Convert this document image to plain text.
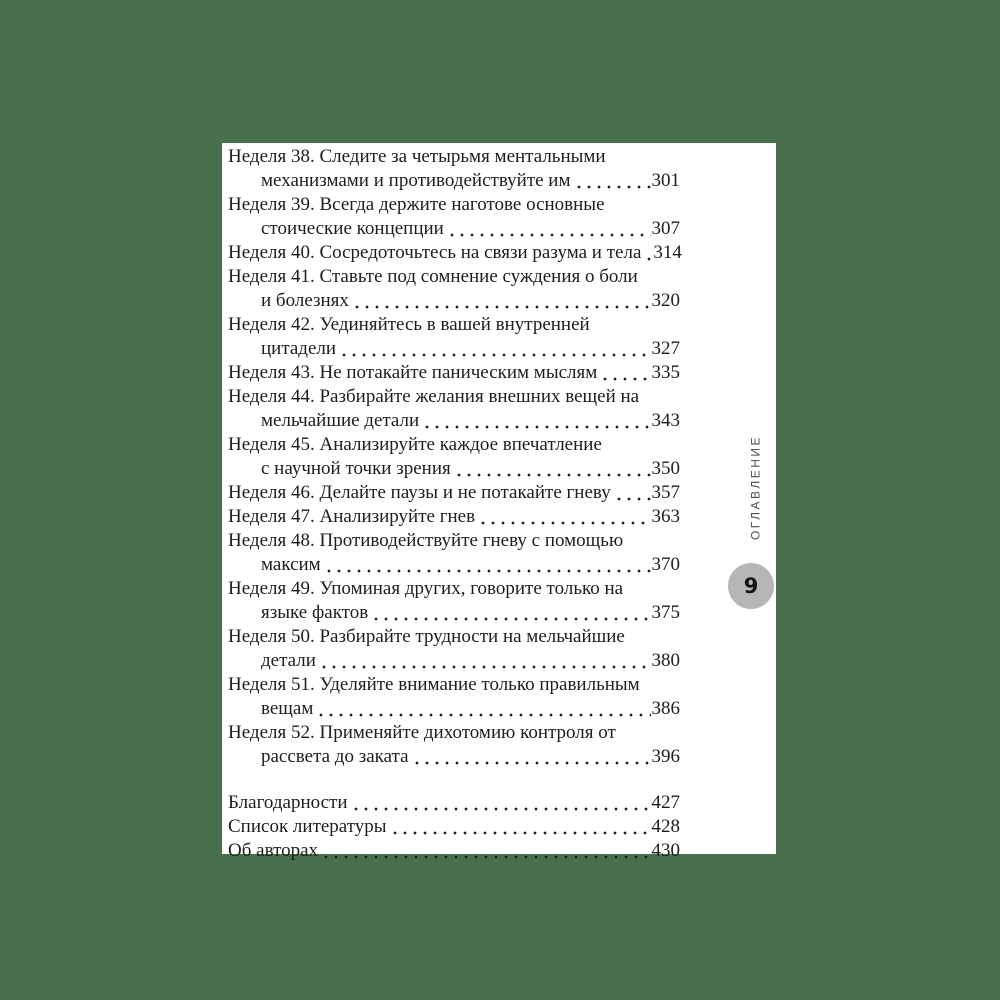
Неделя 38. Следите за четырьмя ментальными
механизмами и противодействуйте им	301
Неделя 39. Всегда держите наготове основные
стоические концепции	307
Неделя 40. Сосредоточьтесь на связи разума и тела 314
Неделя 41. Ставьте под сомнение суждения о боли
и болезнях	320
Неделя 42. Уединяйтесь в вашей внутренней
цитадели	327
Неделя 43. Не потакайте паническим мыслям	335
Неделя 44. Разбирайте желания внешних вещей на
мельчайшие детали	343
Неделя 45. Анализируйте каждое впечатление
с научной точки зрения	350
Неделя 46. Делайте паузы и не потакайте гневу 357
Неделя 47. Анализируйте гнев	363
Неделя 48. Противодействуйте гневу с помощью
максим	370
Неделя 49. Упоминая других, говорите только на
языке фактов	375
Неделя 50. Разбирайте трудности на мельчайшие
детали	380
Неделя 51. Уделяйте внимание только правильным
вещам	386
Неделя 52. Применяйте дихотомию контроля от
рассвета до заката	396
Благодарности	427
Список литературы	428
Об авторах	430
ОГЛАВЛЕНИЕ
9
